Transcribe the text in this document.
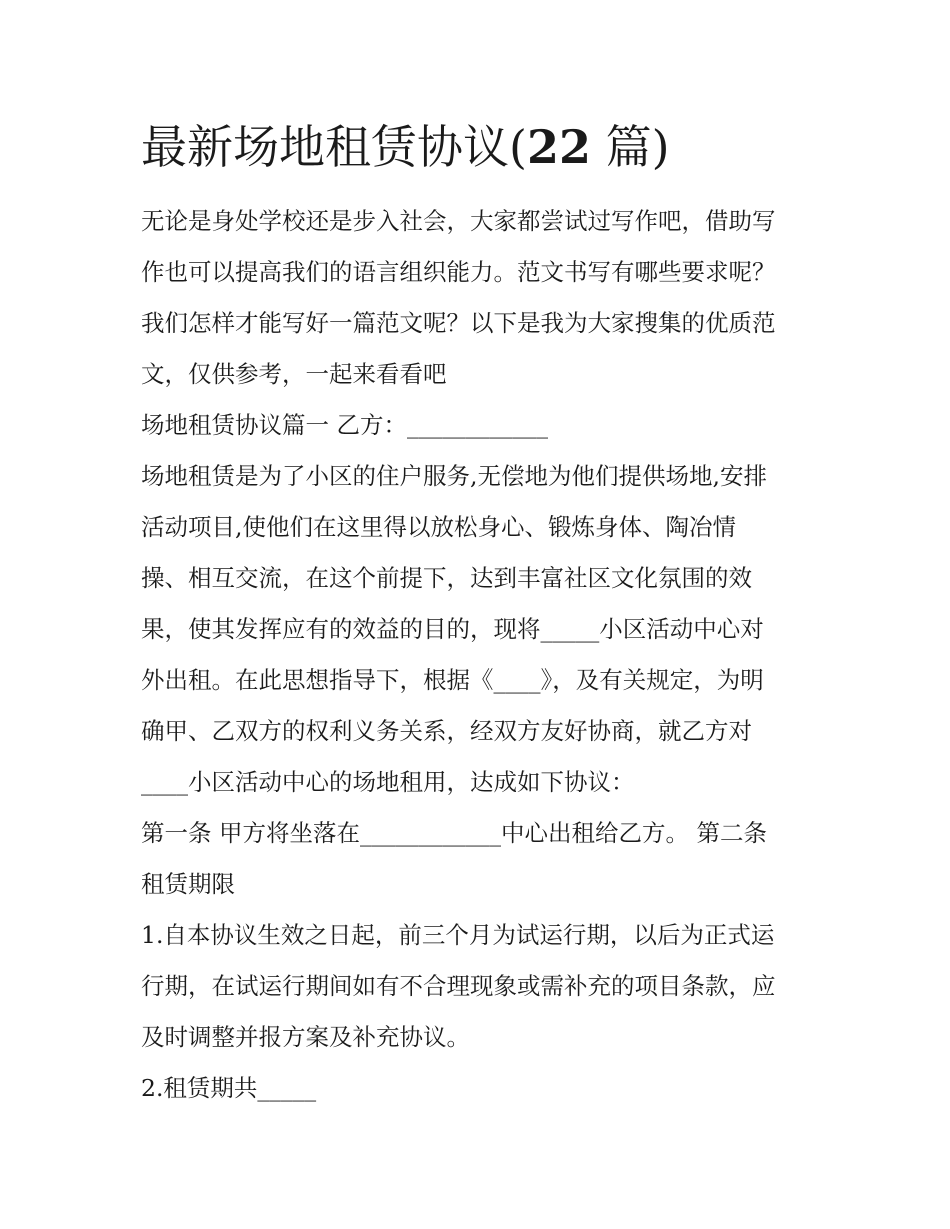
最新场地租赁协议(22 篇)

无论是身处学校还是步入社会，大家都尝试过写作吧，借助写
作也可以提高我们的语言组织能力。范文书写有哪些要求呢？
我们怎样才能写好一篇范文呢？以下是我为大家搜集的优质范
文，仅供参考，一起来看看吧

场地租赁协议篇一 乙方：____________

场地租赁是为了小区的住户服务,无偿地为他们提供场地,安排
活动项目,使他们在这里得以放松身心、锻炼身体、陶冶情
操、相互交流，在这个前提下，达到丰富社区文化氛围的效
果，使其发挥应有的效益的目的，现将_____小区活动中心对
外出租。在此思想指导下，根据《____》，及有关规定，为明
确甲、乙双方的权利义务关系，经双方友好协商，就乙方对
____小区活动中心的场地租用，达成如下协议：

第一条 甲方将坐落在____________中心出租给乙方。 第二条
租赁期限

1.自本协议生效之日起，前三个月为试运行期，以后为正式运
行期，在试运行期间如有不合理现象或需补充的项目条款，应
及时调整并报方案及补充协议。

2.租赁期共_____
